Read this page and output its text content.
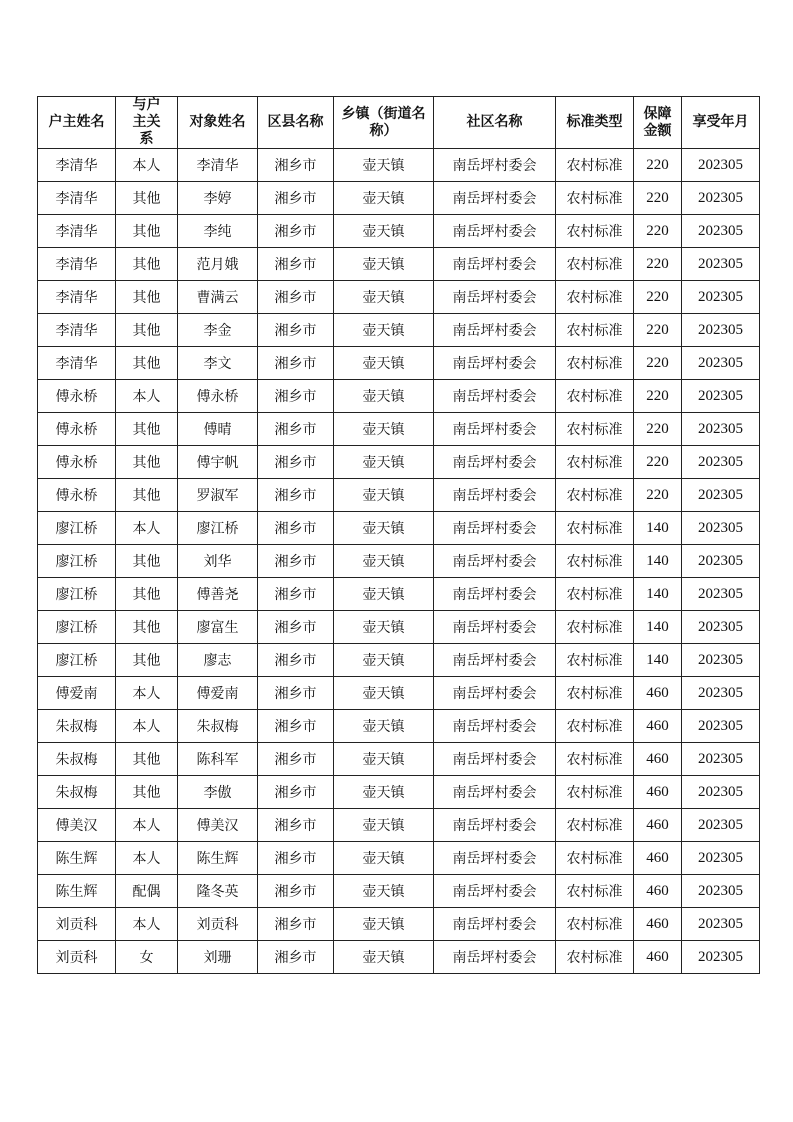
户主姓名	与户主关系	对象姓名	区县名称	乡镇（街道名称）	社区名称	标准类型	保障金额	享受年月
李清华	本人	李清华	湘乡市	壶天镇	南岳坪村委会	农村标准	220	202305
李清华	其他	李婷	湘乡市	壶天镇	南岳坪村委会	农村标准	220	202305
李清华	其他	李纯	湘乡市	壶天镇	南岳坪村委会	农村标准	220	202305
李清华	其他	范月娥	湘乡市	壶天镇	南岳坪村委会	农村标准	220	202305
李清华	其他	曹满云	湘乡市	壶天镇	南岳坪村委会	农村标准	220	202305
李清华	其他	李金	湘乡市	壶天镇	南岳坪村委会	农村标准	220	202305
李清华	其他	李文	湘乡市	壶天镇	南岳坪村委会	农村标准	220	202305
傅永桥	本人	傅永桥	湘乡市	壶天镇	南岳坪村委会	农村标准	220	202305
傅永桥	其他	傅晴	湘乡市	壶天镇	南岳坪村委会	农村标准	220	202305
傅永桥	其他	傅宇帆	湘乡市	壶天镇	南岳坪村委会	农村标准	220	202305
傅永桥	其他	罗淑军	湘乡市	壶天镇	南岳坪村委会	农村标准	220	202305
廖江桥	本人	廖江桥	湘乡市	壶天镇	南岳坪村委会	农村标准	140	202305
廖江桥	其他	刘华	湘乡市	壶天镇	南岳坪村委会	农村标准	140	202305
廖江桥	其他	傅善尧	湘乡市	壶天镇	南岳坪村委会	农村标准	140	202305
廖江桥	其他	廖富生	湘乡市	壶天镇	南岳坪村委会	农村标准	140	202305
廖江桥	其他	廖志	湘乡市	壶天镇	南岳坪村委会	农村标准	140	202305
傅爱南	本人	傅爱南	湘乡市	壶天镇	南岳坪村委会	农村标准	460	202305
朱叔梅	本人	朱叔梅	湘乡市	壶天镇	南岳坪村委会	农村标准	460	202305
朱叔梅	其他	陈科军	湘乡市	壶天镇	南岳坪村委会	农村标准	460	202305
朱叔梅	其他	李傲	湘乡市	壶天镇	南岳坪村委会	农村标准	460	202305
傅美汉	本人	傅美汉	湘乡市	壶天镇	南岳坪村委会	农村标准	460	202305
陈生辉	本人	陈生辉	湘乡市	壶天镇	南岳坪村委会	农村标准	460	202305
陈生辉	配偶	隆冬英	湘乡市	壶天镇	南岳坪村委会	农村标准	460	202305
刘贡科	本人	刘贡科	湘乡市	壶天镇	南岳坪村委会	农村标准	460	202305
刘贡科	女	刘珊	湘乡市	壶天镇	南岳坪村委会	农村标准	460	202305
